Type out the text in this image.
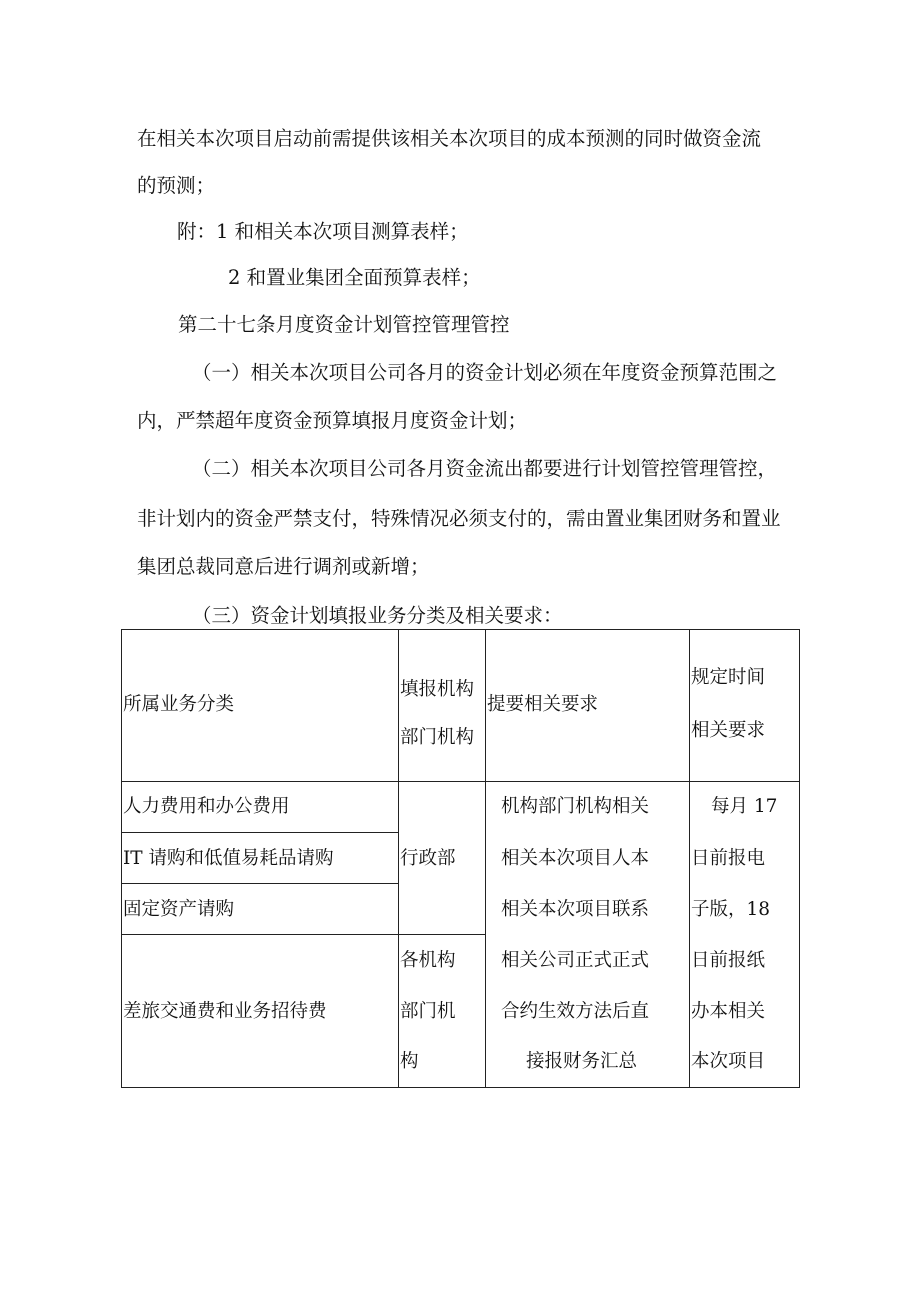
在相关本次项目启动前需提供该相关本次项目的成本预测的同时做资金流
的预测；
附：1 和相关本次项目测算表样；
2 和置业集团全面预算表样；
第二十七条月度资金计划管控管理管控
（一）相关本次项目公司各月的资金计划必须在年度资金预算范围之
内，严禁超年度资金预算填报月度资金计划；
（二）相关本次项目公司各月资金流出都要进行计划管控管理管控，
非计划内的资金严禁支付，特殊情况必须支付的，需由置业集团财务和置业
集团总裁同意后进行调剂或新增；
（三）资金计划填报业务分类及相关要求：
所属业务分类
填报机构
部门机构
提要相关要求
规定时间
相关要求
人力费用和办公费用
IT 请购和低值易耗品请购
固定资产请购
差旅交通费和业务招待费
行政部
各机构
部门机
构
机构部门机构相关
相关本次项目人本
相关本次项目联系
相关公司正式正式
合约生效方法后直
接报财务汇总
每月 17
日前报电
子版，18
日前报纸
办本相关
本次项目
